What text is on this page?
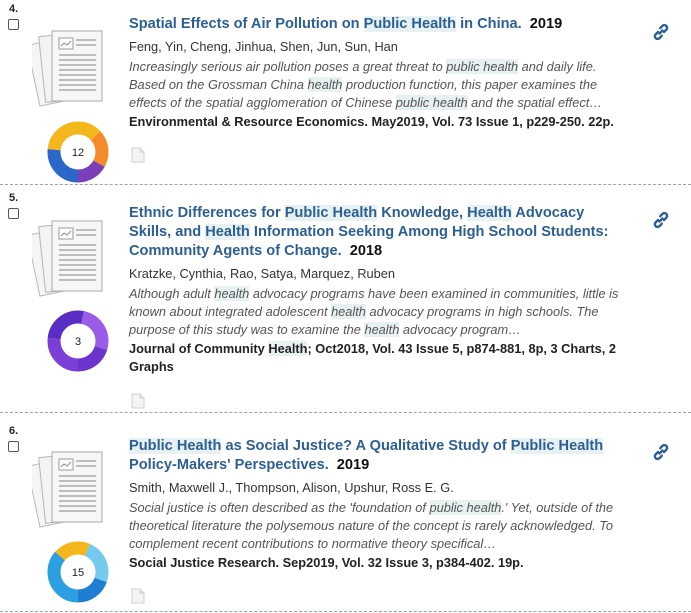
4.
12
Spatial Effects of Air Pollution on Public Health in China. 2019
Feng, Yin, Cheng, Jinhua, Shen, Jun, Sun, Han
Increasingly serious air pollution poses a great threat to public health and daily life. Based on the Grossman China health production function, this paper examines the effects of the spatial agglomeration of Chinese public health and the spatial effect…
Environmental & Resource Economics. May2019, Vol. 73 Issue 1, p229-250. 22p.
5.
3
Ethnic Differences for Public Health Knowledge, Health Advocacy Skills, and Health Information Seeking Among High School Students: Community Agents of Change. 2018
Kratzke, Cynthia, Rao, Satya, Marquez, Ruben
Although adult health advocacy programs have been examined in communities, little is known about integrated adolescent health advocacy programs in high schools. The purpose of this study was to examine the health advocacy program…
Journal of Community Health; Oct2018, Vol. 43 Issue 5, p874-881, 8p, 3 Charts, 2 Graphs
6.
15
Public Health as Social Justice? A Qualitative Study of Public Health Policy-Makers' Perspectives. 2019
Smith, Maxwell J., Thompson, Alison, Upshur, Ross E. G.
Social justice is often described as the 'foundation of public health.' Yet, outside of the theoretical literature the polysemous nature of the concept is rarely acknowledged. To complement recent contributions to normative theory specifical…
Social Justice Research. Sep2019, Vol. 32 Issue 3, p384-402. 19p.
